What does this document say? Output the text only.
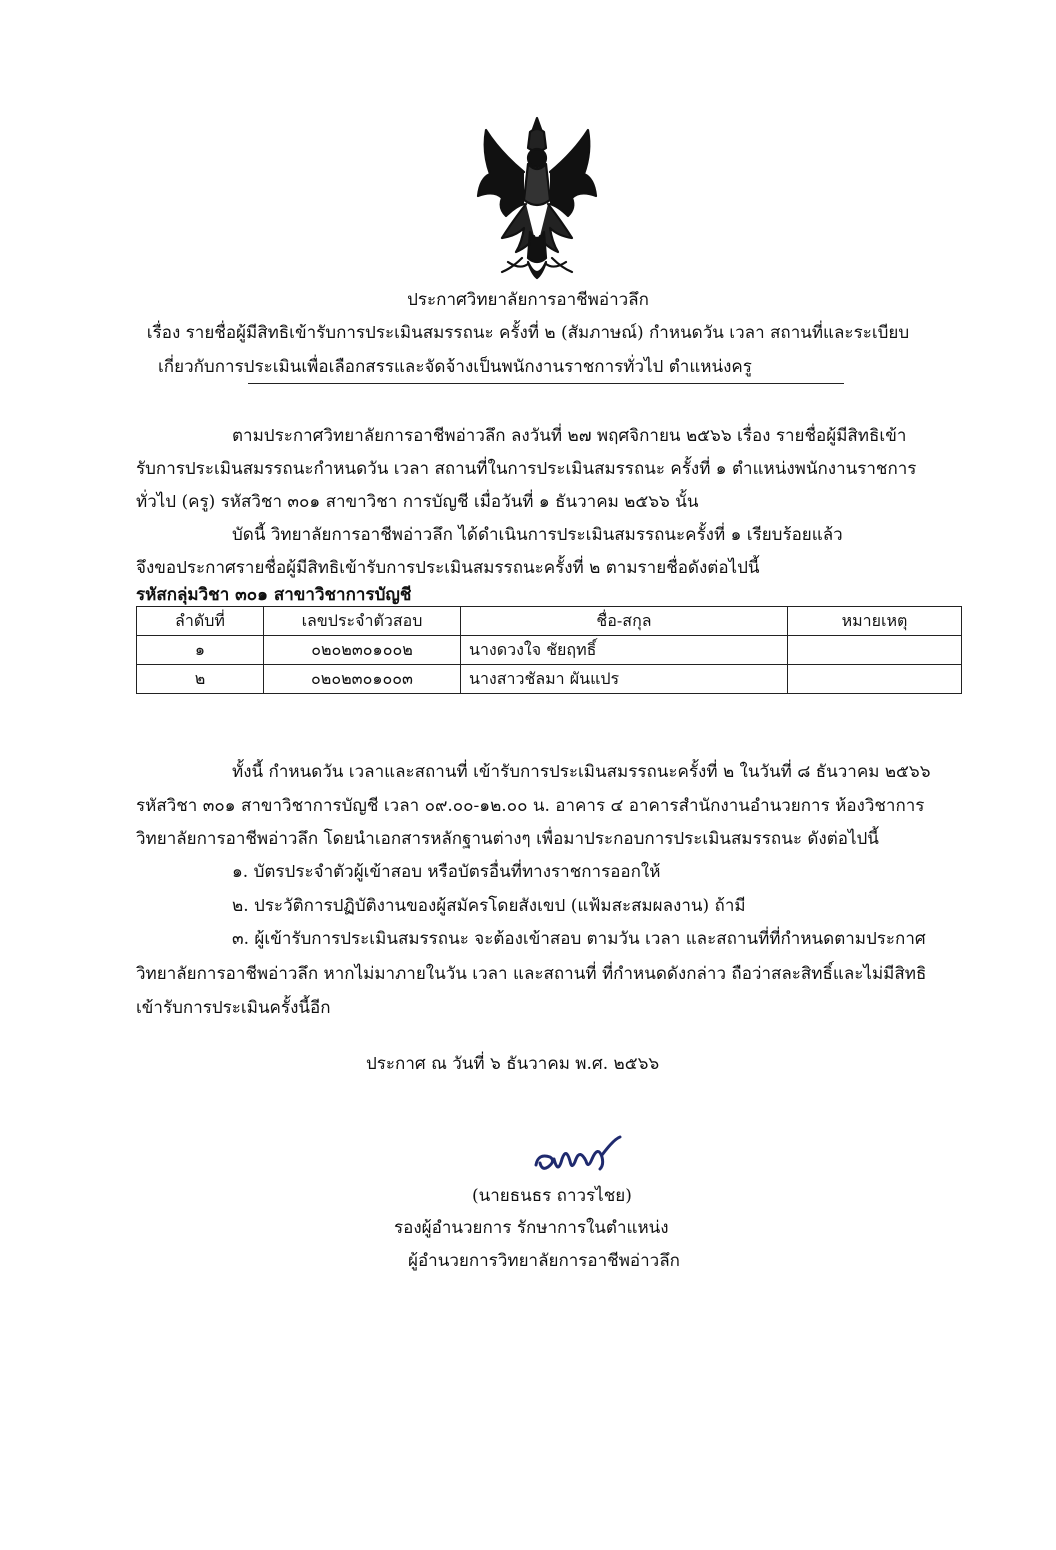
ประกาศวิทยาลัยการอาชีพอ่าวลึก
เรื่อง รายชื่อผู้มีสิทธิเข้ารับการประเมินสมรรถนะ ครั้งที่ ๒ (สัมภาษณ์) กำหนดวัน เวลา สถานที่และระเบียบ
เกี่ยวกับการประเมินเพื่อเลือกสรรและจัดจ้างเป็นพนักงานราชการทั่วไป ตำแหน่งครู
ตามประกาศวิทยาลัยการอาชีพอ่าวลึก ลงวันที่ ๒๗ พฤศจิกายน ๒๕๖๖ เรื่อง รายชื่อผู้มีสิทธิเข้า
รับการประเมินสมรรถนะกำหนดวัน เวลา สถานที่ในการประเมินสมรรถนะ ครั้งที่ ๑ ตำแหน่งพนักงานราชการ
ทั่วไป (ครู) รหัสวิชา ๓๐๑ สาขาวิชา การบัญชี เมื่อวันที่ ๑ ธันวาคม ๒๕๖๖ นั้น
บัดนี้ วิทยาลัยการอาชีพอ่าวลึก ได้ดำเนินการประเมินสมรรถนะครั้งที่ ๑ เรียบร้อยแล้ว
จึงขอประกาศรายชื่อผู้มีสิทธิเข้ารับการประเมินสมรรถนะครั้งที่ ๒ ตามรายชื่อดังต่อไปนี้
รหัสกลุ่มวิชา ๓๐๑ สาขาวิชาการบัญชี
ลำดับที่	เลขประจำตัวสอบ	ชื่อ-สกุล	หมายเหตุ
๑	๐๒๐๒๓๐๑๐๐๒	นางดวงใจ ชัยฤทธิ์	
๒	๐๒๐๒๓๐๑๐๐๓	นางสาวชัลมา ผันแปร	
ทั้งนี้ กำหนดวัน เวลาและสถานที่ เข้ารับการประเมินสมรรถนะครั้งที่ ๒ ในวันที่ ๘ ธันวาคม ๒๕๖๖
รหัสวิชา ๓๐๑ สาขาวิชาการบัญชี เวลา ๐๙.๐๐-๑๒.๐๐ น. อาคาร ๔ อาคารสำนักงานอำนวยการ ห้องวิชาการ
วิทยาลัยการอาชีพอ่าวลึก โดยนำเอกสารหลักฐานต่างๆ เพื่อมาประกอบการประเมินสมรรถนะ ดังต่อไปนี้
๑. บัตรประจำตัวผู้เข้าสอบ หรือบัตรอื่นที่ทางราชการออกให้
๒. ประวัติการปฏิบัติงานของผู้สมัครโดยสังเขป (แฟ้มสะสมผลงาน) ถ้ามี
๓. ผู้เข้ารับการประเมินสมรรถนะ จะต้องเข้าสอบ ตามวัน เวลา และสถานที่ที่กำหนดตามประกาศ
วิทยาลัยการอาชีพอ่าวลึก หากไม่มาภายในวัน เวลา และสถานที่ ที่กำหนดดังกล่าว ถือว่าสละสิทธิ์และไม่มีสิทธิ
เข้ารับการประเมินครั้งนี้อีก
ประกาศ ณ วันที่ ๖ ธันวาคม พ.ศ. ๒๕๖๖
(นายธนธร ถาวรไชย)
รองผู้อำนวยการ รักษาการในตำแหน่ง
ผู้อำนวยการวิทยาลัยการอาชีพอ่าวลึก
